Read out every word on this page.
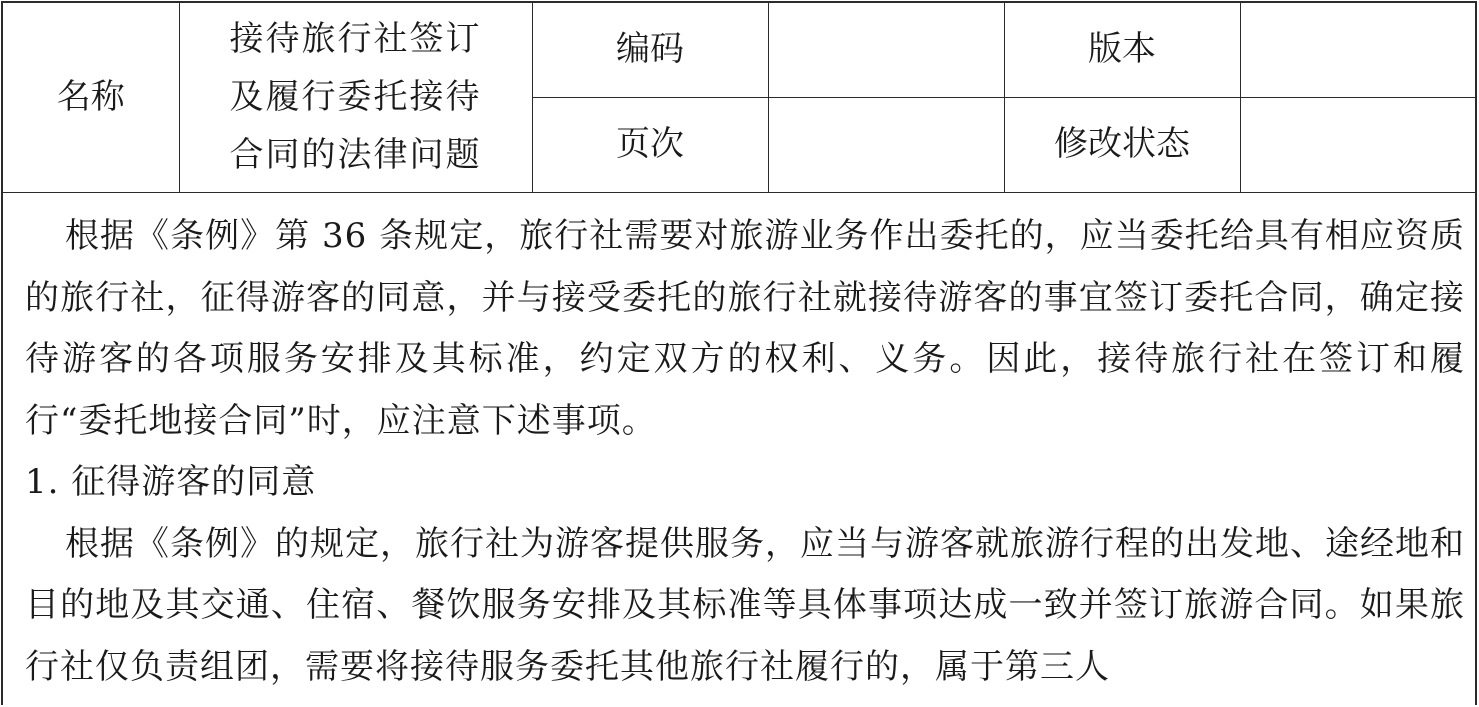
名称	接待旅行社签订
及履行委托接待
合同的法律问题	编码		版本	
		页次		修改状态	

根据《条例》第 36 条规定，旅行社需要对旅游业务作出委托的，应当委托给具有相应资质的旅行社，征得游客的同意，并与接受委托的旅行社就接待游客的事宜签订委托合同，确定接待游客的各项服务安排及其标准，约定双方的权利、义务。因此，接待旅行社在签订和履行“委托地接合同”时，应注意下述事项。

1. 征得游客的同意

根据《条例》的规定，旅行社为游客提供服务，应当与游客就旅游行程的出发地、途经地和目的地及其交通、住宿、餐饮服务安排及其标准等具体事项达成一致并签订旅游合同。如果旅行社仅负责组团，需要将接待服务委托其他旅行社履行的，属于第三人
